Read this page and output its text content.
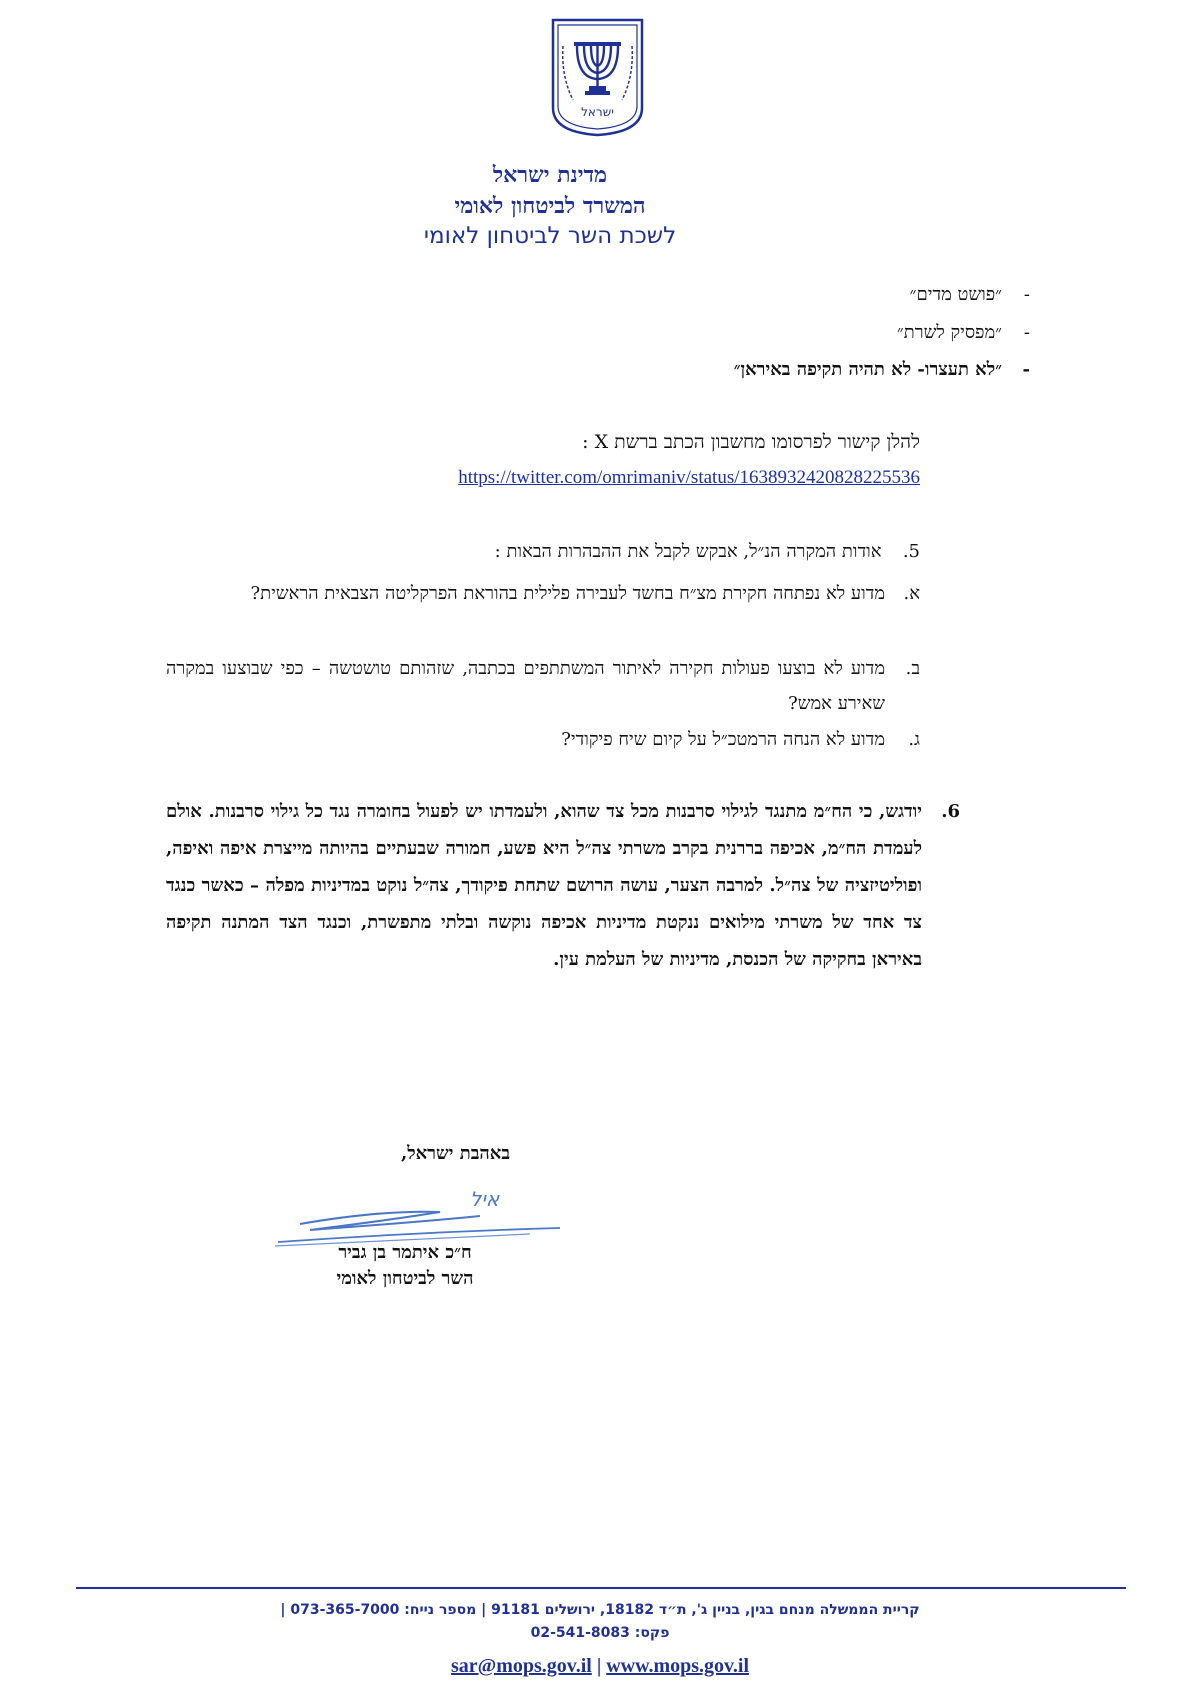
ישראל
מדינת ישראל
המשרד לביטחון לאומי
לשכת השר לביטחון לאומי
-״פושט מדים״
-״מפסיק לשרת״
-״לא תעצרו- לא תהיה תקיפה באיראן״
להלן קישור לפרסומו מחשבון הכתב ברשת X :
https://twitter.com/omrimaniv/status/1638932420828225536
5.  אודות המקרה הנ״ל, אבקש לקבל את ההבהרות הבאות :
א.
מדוע לא נפתחה חקירת מצ״ח בחשד לעבירה פלילית בהוראת הפרקליטה הצבאית הראשית?
ב.
מדוע לא בוצעו פעולות חקירה לאיתור המשתתפים בכתבה, שזהותם טושטשה – כפי שבוצעו במקרה שאירע אמש?
ג.
מדוע לא הנחה הרמטכ״ל על קיום שיח פיקודי?
6.
יודגש, כי הח״מ מתנגד לגילוי סרבנות מכל צד שהוא, ולעמדתו יש לפעול בחומרה נגד כל גילוי סרבנות. אולם לעמדת הח״מ, אכיפה בררנית בקרב משרתי צה״ל היא פשע, חמורה שבעתיים בהיותה מייצרת איפה ואיפה, ופוליטיזציה של צה״ל. למרבה הצער, עושה הרושם שתחת פיקודך, צה״ל נוקט במדיניות מפלה – כאשר כנגד צד אחד של משרתי מילואים ננקטת מדיניות אכיפה נוקשה ובלתי מתפשרת, וכנגד הצד המתנה תקיפה באיראן בחקיקה של הכנסת, מדיניות של העלמת עין.
באהבת ישראל,
איל
ח״כ איתמר בן גביר
השר לביטחון לאומי
קריית הממשלה מנחם בגין, בניין ג', ת״ד 18182, ירושלים 91181 | מספר נייח: 073-365-7000 |
פקס: 02-541-8083
sar@mops.gov.il | www.mops.gov.il
